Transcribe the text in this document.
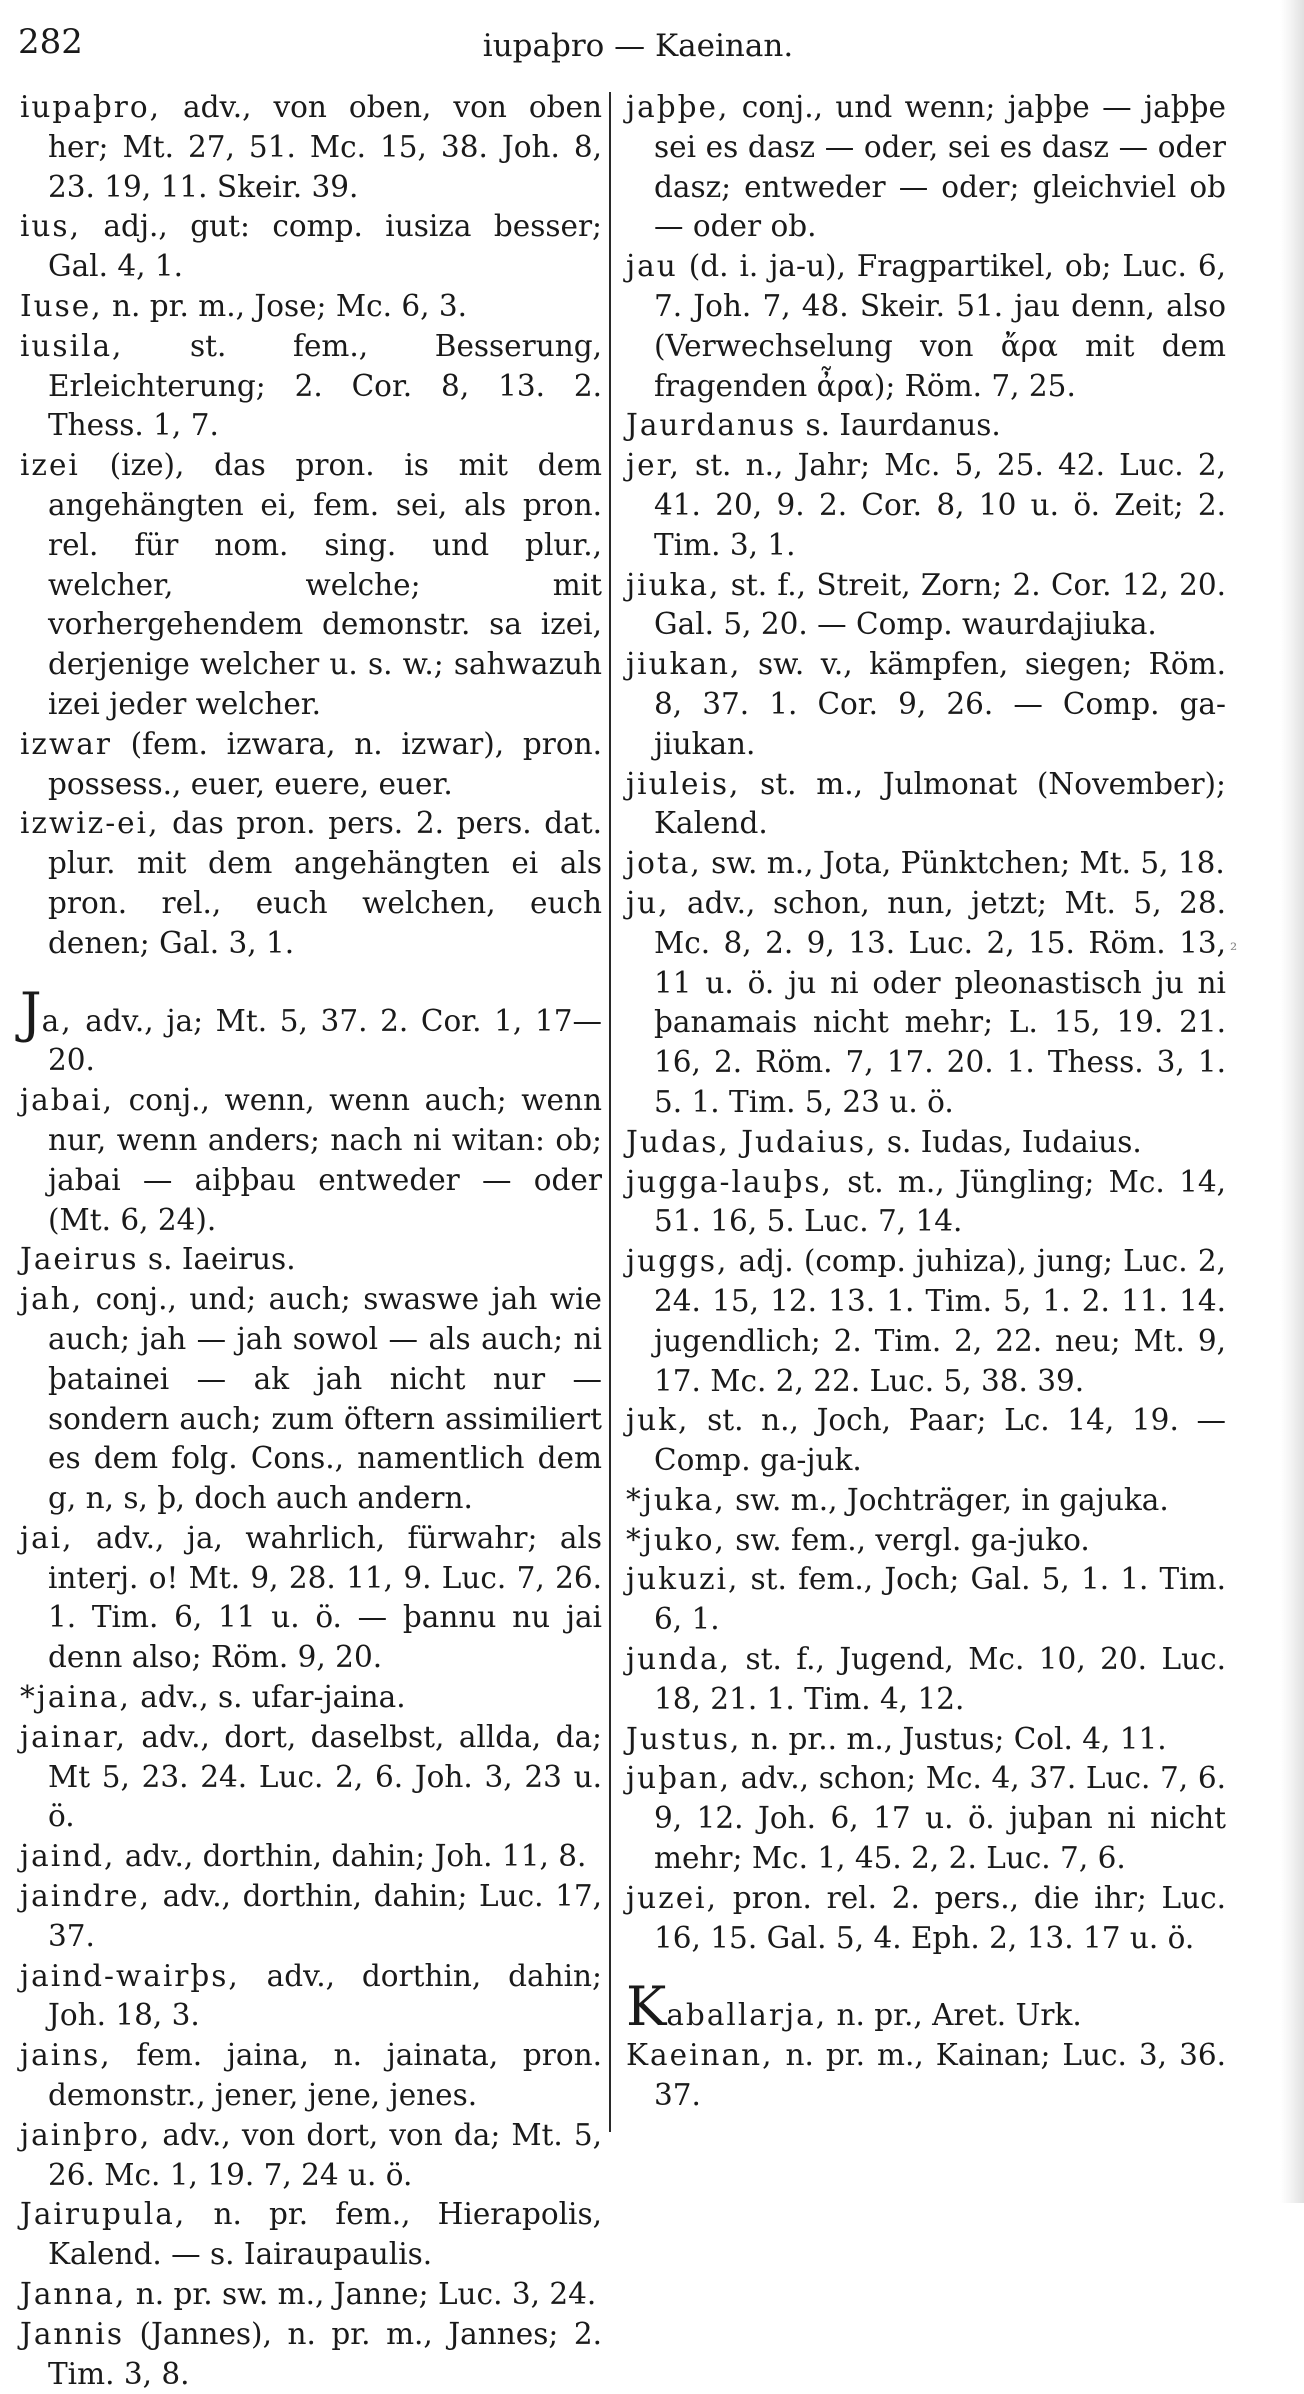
282	iupaþro — Kaeinan.
iupaþro, adv., von oben, von oben her; Mt. 27, 51. Mc. 15, 38. Joh. 8, 23. 19, 11. Skeir. 39.
ius, adj., gut: comp. iusiza besser; Gal. 4, 1.
Iuse, n. pr. m., Jose; Mc. 6, 3.
iusila, st. fem., Besserung, Erleichterung; 2. Cor. 8, 13. 2. Thess. 1, 7.
izei (ize), das pron. is mit dem angehängten ei, fem. sei, als pron. rel. für nom. sing. und plur., welcher, welche; mit vorhergehendem demonstr. sa izei, derjenige welcher u. s. w.; sahwazuh izei jeder welcher.
izwar (fem. izwara, n. izwar), pron. possess., euer, euere, euer.
izwiz-ei, das pron. pers. 2. pers. dat. plur. mit dem angehängten ei als pron. rel., euch welchen, euch denen; Gal. 3, 1.
Ja, adv., ja; Mt. 5, 37. 2. Cor. 1, 17—20.
jabai, conj., wenn, wenn auch; wenn nur, wenn anders; nach ni witan: ob; jabai — aiþþau entweder — oder (Mt. 6, 24).
Jaeirus s. Iaeirus.
jah, conj., und; auch; swaswe jah wie auch; jah — jah sowol — als auch; ni þatainei — ak jah nicht nur — sondern auch; zum öftern assimiliert es dem folg. Cons., namentlich dem g, n, s, þ, doch auch andern.
jai, adv., ja, wahrlich, fürwahr; als interj. o! Mt. 9, 28. 11, 9. Luc. 7, 26. 1. Tim. 6, 11 u. ö. — þannu nu jai denn also; Röm. 9, 20.
*jaina, adv., s. ufar-jaina.
jainar, adv., dort, daselbst, allda, da; Mt 5, 23. 24. Luc. 2, 6. Joh. 3, 23 u. ö.
jaind, adv., dorthin, dahin; Joh. 11, 8.
jaindre, adv., dorthin, dahin; Luc. 17, 37.
jaind-wairþs, adv., dorthin, dahin; Joh. 18, 3.
jains, fem. jaina, n. jainata, pron. demonstr., jener, jene, jenes.
jainþro, adv., von dort, von da; Mt. 5, 26. Mc. 1, 19. 7, 24 u. ö.
Jairupula, n. pr. fem., Hierapolis, Kalend. — s. Iairaupaulis.
Janna, n. pr. sw. m., Janne; Luc. 3, 24.
Jannis (Jannes), n. pr. m., Jannes; 2. Tim. 3, 8.
jaþþe, conj., und wenn; jaþþe — jaþþe sei es dasz — oder, sei es dasz — oder dasz; entweder — oder; gleichviel ob — oder ob.
jau (d. i. ja-u), Fragpartikel, ob; Luc. 6, 7. Joh. 7, 48. Skeir. 51. jau denn, also (Verwechselung von ἄρα mit dem fragenden ἆρα); Röm. 7, 25.
Jaurdanus s. Iaurdanus.
jer, st. n., Jahr; Mc. 5, 25. 42. Luc. 2, 41. 20, 9. 2. Cor. 8, 10 u. ö. Zeit; 2. Tim. 3, 1.
jiuka, st. f., Streit, Zorn; 2. Cor. 12, 20. Gal. 5, 20. — Comp. waurdajiuka.
jiukan, sw. v., kämpfen, siegen; Röm. 8, 37. 1. Cor. 9, 26. — Comp. ga-jiukan.
jiuleis, st. m., Julmonat (November); Kalend.
jota, sw. m., Jota, Pünktchen; Mt. 5, 18.
ju, adv., schon, nun, jetzt; Mt. 5, 28. Mc. 8, 2. 9, 13. Luc. 2, 15. Röm. 13, 11 u. ö. ju ni oder pleonastisch ju ni þanamais nicht mehr; L. 15, 19. 21. 16, 2. Röm. 7, 17. 20. 1. Thess. 3, 1. 5. 1. Tim. 5, 23 u. ö.
Judas, Judaius, s. Iudas, Iudaius.
jugga-lauþs, st. m., Jüngling; Mc. 14, 51. 16, 5. Luc. 7, 14.
juggs, adj. (comp. juhiza), jung; Luc. 2, 24. 15, 12. 13. 1. Tim. 5, 1. 2. 11. 14. jugendlich; 2. Tim. 2, 22. neu; Mt. 9, 17. Mc. 2, 22. Luc. 5, 38. 39.
juk, st. n., Joch, Paar; Lc. 14, 19. — Comp. ga-juk.
*juka, sw. m., Jochträger, in gajuka.
*juko, sw. fem., vergl. ga-juko.
jukuzi, st. fem., Joch; Gal. 5, 1. 1. Tim. 6, 1.
junda, st. f., Jugend, Mc. 10, 20. Luc. 18, 21. 1. Tim. 4, 12.
Justus, n. pr.. m., Justus; Col. 4, 11.
juþan, adv., schon; Mc. 4, 37. Luc. 7, 6. 9, 12. Joh. 6, 17 u. ö. juþan ni nicht mehr; Mc. 1, 45. 2, 2. Luc. 7, 6.
juzei, pron. rel. 2. pers., die ihr; Luc. 16, 15. Gal. 5, 4. Eph. 2, 13. 17 u. ö.
Kaballarja, n. pr., Aret. Urk.
Kaeinan, n. pr. m., Kainan; Luc. 3, 36. 37.
²
